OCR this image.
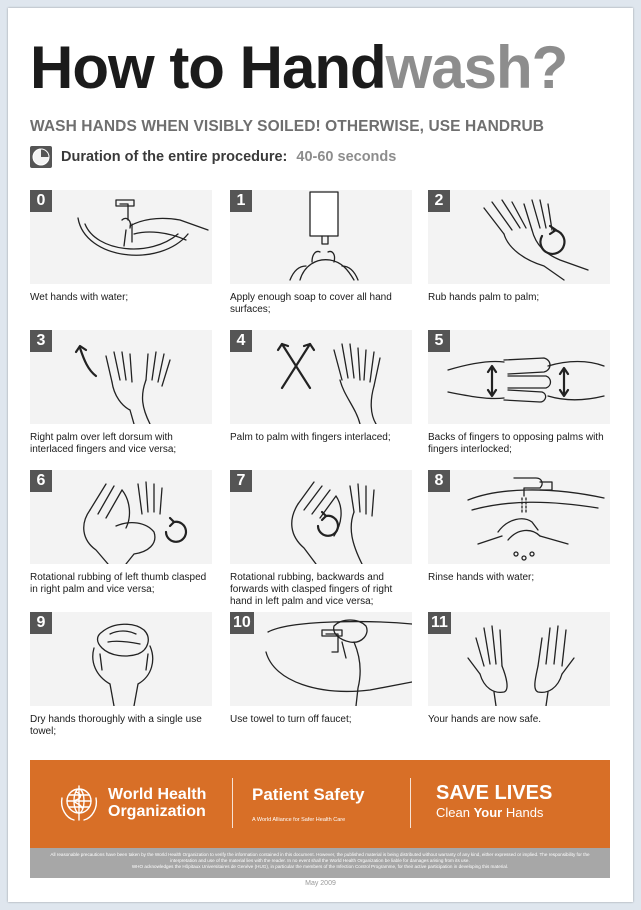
How to Handwash?
WASH HANDS WHEN VISIBLY SOILED! OTHERWISE, USE HANDRUB
Duration of the entire procedure: 40-60 seconds
0
Wet hands with water;
1
Apply enough soap to cover all hand surfaces;
2
Rub hands palm to palm;
3
Right palm over left dorsum with interlaced fingers and vice versa;
4
Palm to palm with fingers interlaced;
5
Backs of fingers to opposing palms with fingers interlocked;
6
Rotational rubbing of left thumb clasped in right palm and vice versa;
7
Rotational rubbing, backwards and forwards with clasped fingers of right hand in left palm and vice versa;
8
Rinse hands with water;
9
Dry hands thoroughly with a single use towel;
10
Use towel to turn off faucet;
11
Your hands are now safe.
World Health
Organization
Patient Safety
A World Alliance for Safer Health Care
SAVE LIVES
Clean Your Hands
All reasonable precautions have been taken by the World Health Organization to verify the information contained in this document. However, the published material is being distributed without warranty of any kind, either expressed or implied. The responsibility for the interpretation and use of the material lies with the reader. In no event shall the World Health Organization be liable for damages arising from its use.
WHO acknowledges the Hôpitaux Universitaires de Genève (HUG), in particular the members of the Infection Control Programme, for their active participation in developing this material.
May 2009
